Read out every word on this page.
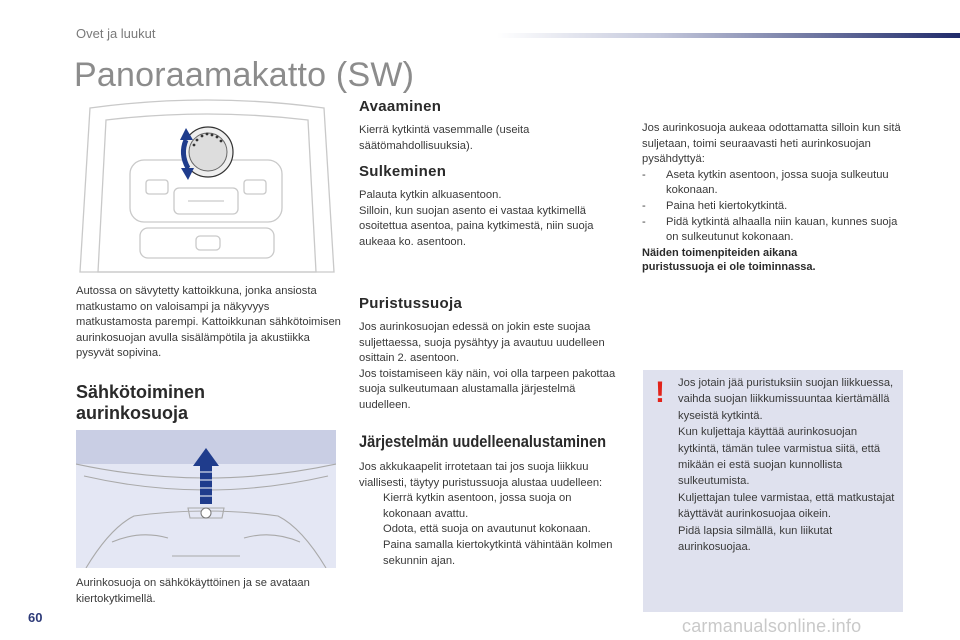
Ovet ja luukut
Panoraamakatto (SW)

Autossa on sävytetty kattoikkuna, jonka ansiosta matkustamo on valoisampi ja näkyvyys matkustamosta parempi. Kattoikkunan sähkötoimisen aurinkosuojan avulla sisälämpötila ja akustiikka pysyvät sopivina.

Sähkötoiminen

aurinkosuoja

Aurinkosuoja on sähkökäyttöinen ja se avataan kiertokytkimellä.

Avaaminen

Kierrä kytkintä vasemmalle (useita säätömahdollisuuksia).

Sulkeminen

Palauta kytkin alkuasentoon.

Silloin, kun suojan asento ei vastaa kytkimellä osoitettua asentoa, paina kytkimestä, niin suoja aukeaa ko. asentoon.

Puristussuoja

Jos aurinkosuojan edessä on jokin este suojaa suljettaessa, suoja pysähtyy ja avautuu uudelleen osittain 2. asentoon.

Jos toistamiseen käy näin, voi olla tarpeen pakottaa suoja sulkeutumaan alustamalla järjestelmä uudelleen.

Järjestelmän uudelleenalustaminen

Jos akkukaapelit irrotetaan tai jos suoja liikkuu viallisesti, täytyy puristussuoja alustaa uudelleen:

Kierrä kytkin asentoon, jossa suoja on kokonaan avattu.
Odota, että suoja on avautunut kokonaan.
Paina samalla kiertokytkintä vähintään kolmen sekunnin ajan.

Jos aurinkosuoja aukeaa odottamatta silloin kun sitä suljetaan, toimi seuraavasti heti aurinkosuojan pysähdyttyä:

- Aseta kytkin asentoon, jossa suoja sulkeutuu kokonaan.
- Paina heti kiertokytkintä.
- Pidä kytkintä alhaalla niin kauan, kunnes suoja on sulkeutunut kokonaan.

Näiden toimenpiteiden aikana puristussuoja ei ole toiminnassa.

! Jos jotain jää puristuksiin suojan liikkuessa, vaihda suojan liikkumissuuntaa kiertämällä kyseistä kytkintä.

Kun kuljettaja käyttää aurinkosuojan kytkintä, tämän tulee varmistua siitä, että mikään ei estä suojan kunnollista sulkeutumista.

Kuljettajan tulee varmistaa, että matkustajat käyttävät aurinkosuojaa oikein.

Pidä lapsia silmällä, kun liikutat aurinkosuojaa.

60	carmanualsonline.info
